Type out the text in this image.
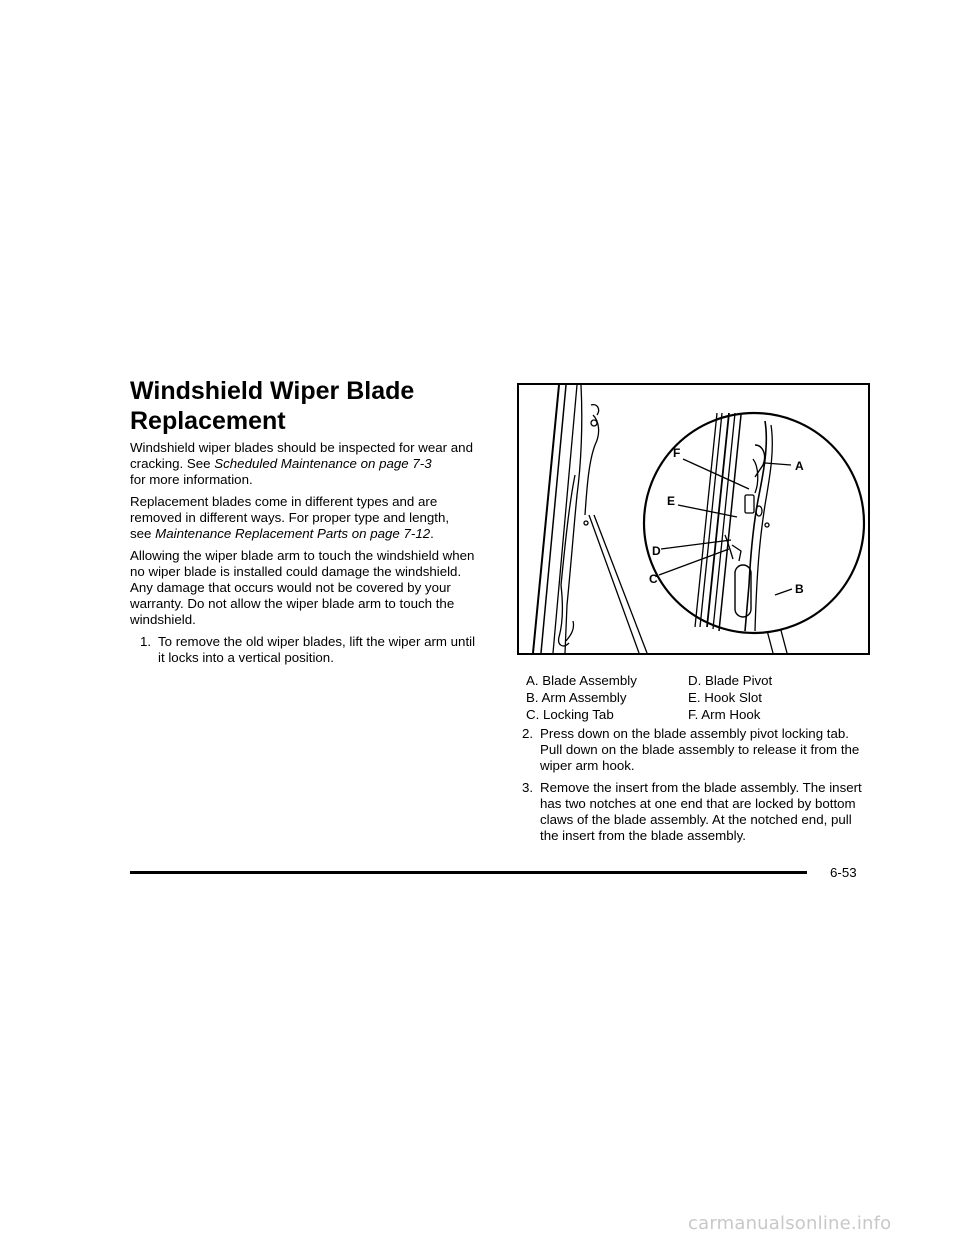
Windshield Wiper Blade Replacement

Windshield wiper blades should be inspected for wear and cracking. See Scheduled Maintenance on page 7-3
for more information.

Replacement blades come in different types and are removed in different ways. For proper type and length, see Maintenance Replacement Parts on page 7-12.

Allowing the wiper blade arm to touch the windshield when no wiper blade is installed could damage the windshield. Any damage that occurs would not be covered by your warranty. Do not allow the wiper blade arm to touch the windshield.

1. To remove the old wiper blades, lift the wiper arm until it locks into a vertical position.
A
B
C
D
E
F
A. Blade Assembly	D. Blade Pivot
B. Arm Assembly	E. Hook Slot
C. Locking Tab	F. Arm Hook
2. Press down on the blade assembly pivot locking tab. Pull down on the blade assembly to release it from the wiper arm hook.
3. Remove the insert from the blade assembly. The insert has two notches at one end that are locked by bottom claws of the blade assembly. At the notched end, pull the insert from the blade assembly.
6-53
carmanualsonline.info
